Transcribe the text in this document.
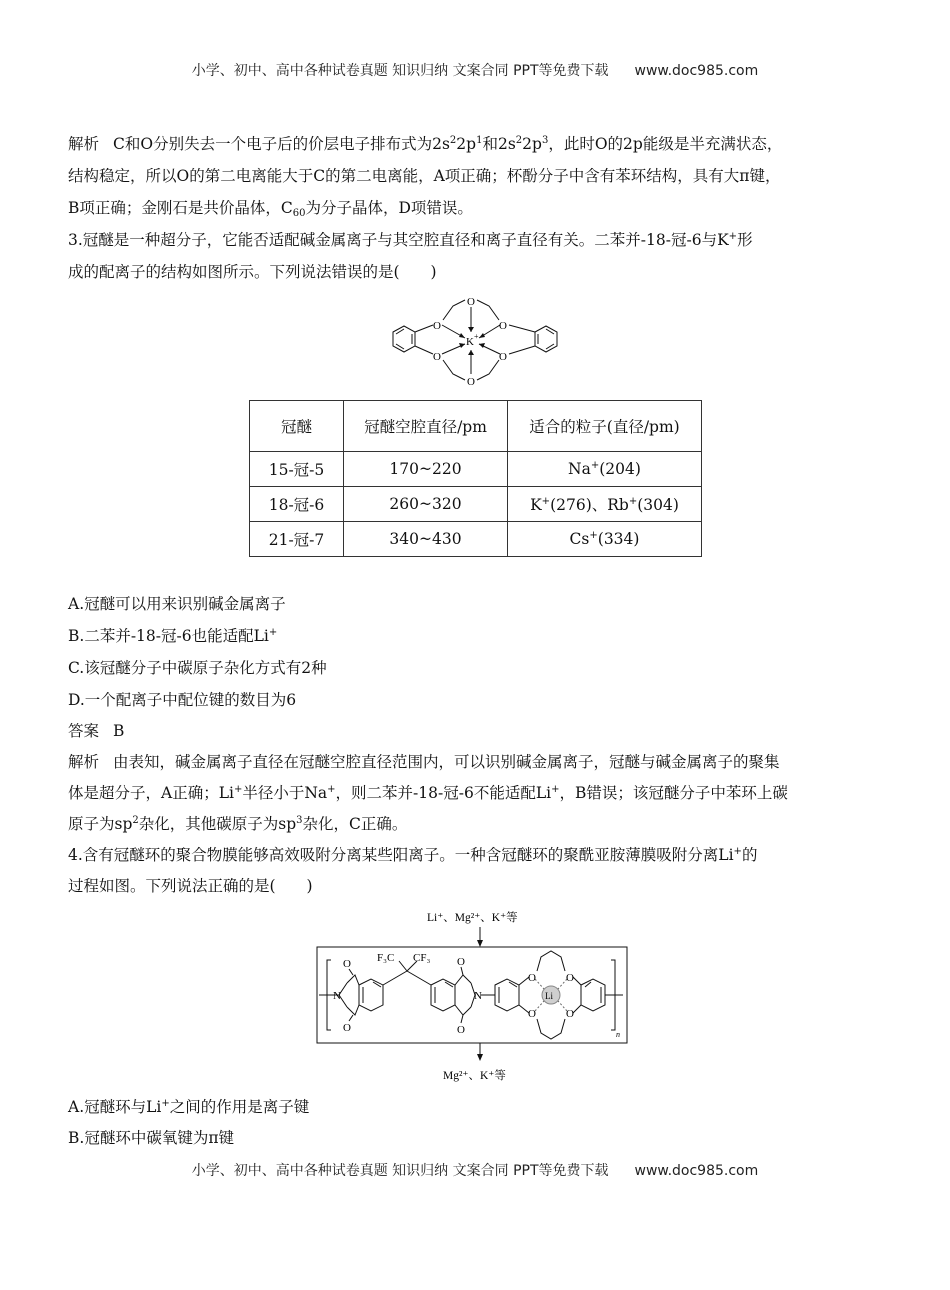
小学、初中、高中各种试卷真题 知识归纳 文案合同 PPT等免费下载 www.doc985.com

解析 C和O分别失去一个电子后的价层电子排布式为$2s^22p^1$和$2s^22p^3$，此时O的2p能级是半充满状态，

结构稳定，所以O的第二电离能大于C的第二电离能，A项正确；杯酚分子中含有苯环结构，具有大π键，

B项正确；金刚石是共价晶体，$C_{60}$为分子晶体，D项错误。

3.冠醚是一种超分子，它能否适配碱金属离子与其空腔直径和离子直径有关。二苯并-18-冠-6与K+形

成的配离子的结构如图所示。下列说法错误的是(　　)

O
O
O
O
O
O
K +
冠醚	冠醚空腔直径/pm	适合的粒子(直径/pm)
15-冠-5	170~220	Na+(204)
18-冠-6	260~320	K+(276)、Rb+(304)
21-冠-7	340~430	Cs+(334)

A.冠醚可以用来识别碱金属离子

B.二苯并-18-冠-6也能适配Li+

C.该冠醚分子中碳原子杂化方式有2种

D.一个配离子中配位键的数目为6

答案 B

解析 由表知，碱金属离子直径在冠醚空腔直径范围内，可以识别碱金属离子，冠醚与碱金属离子的聚集

体是超分子，A正确；Li+半径小于Na+，则二苯并-18-冠-6不能适配Li+，B错误；该冠醚分子中苯环上碳

原子为$sp^2$杂化，其他碳原子为$sp^3$杂化，C正确。

4.含有冠醚环的聚合物膜能够高效吸附分离某些阳离子。一种含冠醚环的聚酰亚胺薄膜吸附分离Li+的

过程如图。下列说法正确的是(　　)

Li⁺、Mg²⁺、K⁺等
O
O
N
F₃C CF₃ O
O
N
O
O
O
O
Li
n
Mg²⁺、K⁺等

A.冠醚环与Li+之间的作用是离子键

B.冠醚环中碳氧键为π键

小学、初中、高中各种试卷真题 知识归纳 文案合同 PPT等免费下载 www.doc985.com
